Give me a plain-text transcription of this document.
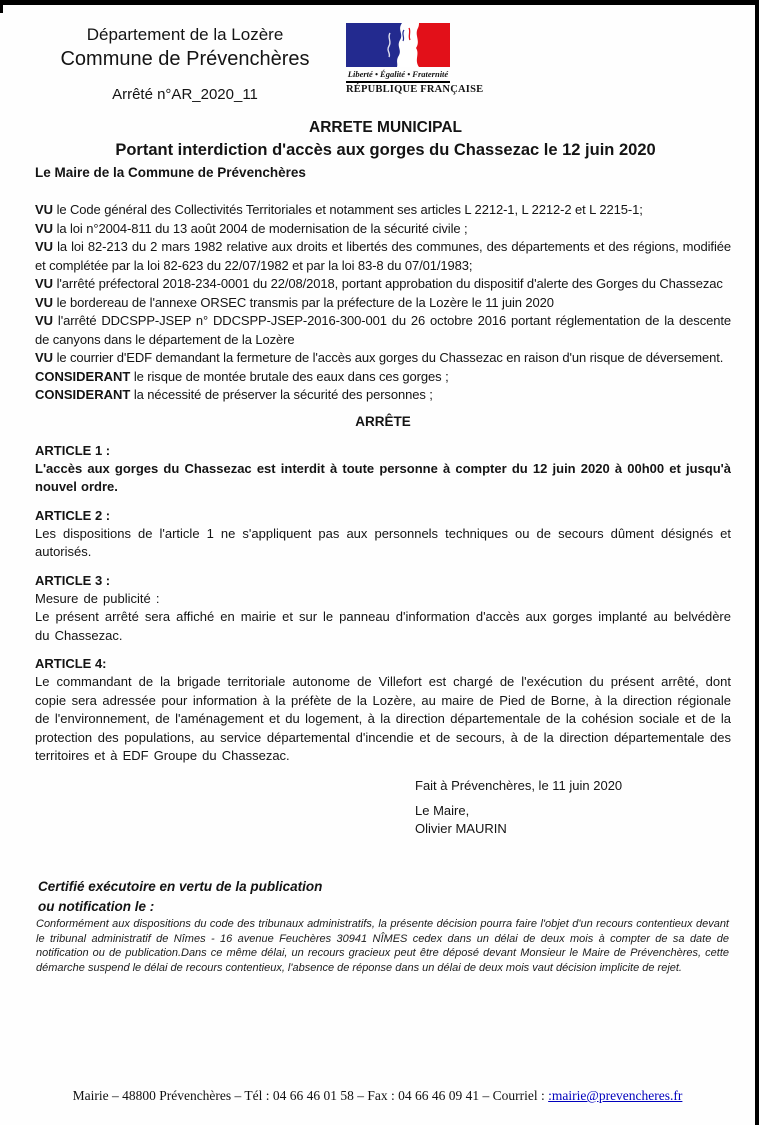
Département de la Lozère
Commune de Prévenchères
Arrêté n°AR_2020_11
Liberté • Égalité • Fraternité
RÉPUBLIQUE FRANÇAISE
ARRETE MUNICIPAL
Portant interdiction d'accès aux gorges du Chassezac le 12 juin 2020
Le Maire de la Commune de Prévenchères

VU le Code général des Collectivités Territoriales et notamment ses articles L 2212-1, L 2212-2 et L 2215-1;

VU la loi n°2004-811 du 13 août 2004 de modernisation de la sécurité civile ;

VU la loi 82-213 du 2 mars 1982 relative aux droits et libertés des communes, des départements et des régions, modifiée et complétée par la loi 82-623 du 22/07/1982 et par la loi 83-8 du 07/01/1983;

VU l'arrêté préfectoral 2018-234-0001 du 22/08/2018, portant approbation du dispositif d'alerte des Gorges du Chassezac

VU le bordereau de l'annexe ORSEC transmis par la préfecture de la Lozère le 11 juin 2020

VU l'arrêté DDCSPP-JSEP n° DDCSPP-JSEP-2016-300-001 du 26 octobre 2016 portant réglementation de la descente de canyons dans le département de la Lozère

VU le courrier d'EDF demandant la fermeture de l'accès aux gorges du Chassezac en raison d'un risque de déversement.

CONSIDERANT le risque de montée brutale des eaux dans ces gorges ;

CONSIDERANT la nécessité de préserver la sécurité des personnes ;

ARRÊTE

ARTICLE 1 :

L'accès aux gorges du Chassezac est interdit à toute personne à compter du 12 juin 2020 à 00h00 et jusqu'à nouvel ordre.

ARTICLE 2 :

Les dispositions de l'article 1 ne s'appliquent pas aux personnels techniques ou de secours dûment désignés et autorisés.

ARTICLE 3 :

Mesure de publicité :

Le présent arrêté sera affiché en mairie et sur le panneau d'information d'accès aux gorges implanté au belvédère du Chassezac.

ARTICLE 4:

Le commandant de la brigade territoriale autonome de Villefort est chargé de l'exécution du présent arrêté, dont copie sera adressée pour information à la préfète de la Lozère, au maire de Pied de Borne, à la direction régionale de l'environnement, de l'aménagement et du logement, à la direction départementale de la cohésion sociale et de la protection des populations, au service départemental d'incendie et de secours, à de la direction départementale des territoires et à EDF Groupe du Chassezac.

Fait à Prévenchères, le 11 juin 2020
Le Maire,
Olivier MAURIN
Certifié exécutoire en vertu de la publication
ou notification le :
Conformément aux dispositions du code des tribunaux administratifs, la présente décision pourra faire l'objet d'un recours contentieux devant le tribunal administratif de Nîmes - 16 avenue Feuchères 30941 NÎMES cedex dans un délai de deux mois à compter de sa date de notification ou de publication.Dans ce même délai, un recours gracieux peut être déposé devant Monsieur le Maire de Prévenchères, cette démarche suspend le délai de recours contentieux, l'absence de réponse dans un délai de deux mois vaut décision implicite de rejet.
Mairie – 48800 Prévenchères – Tél : 04 66 46 01 58 – Fax : 04 66 46 09 41 – Courriel : :mairie@prevencheres.fr
